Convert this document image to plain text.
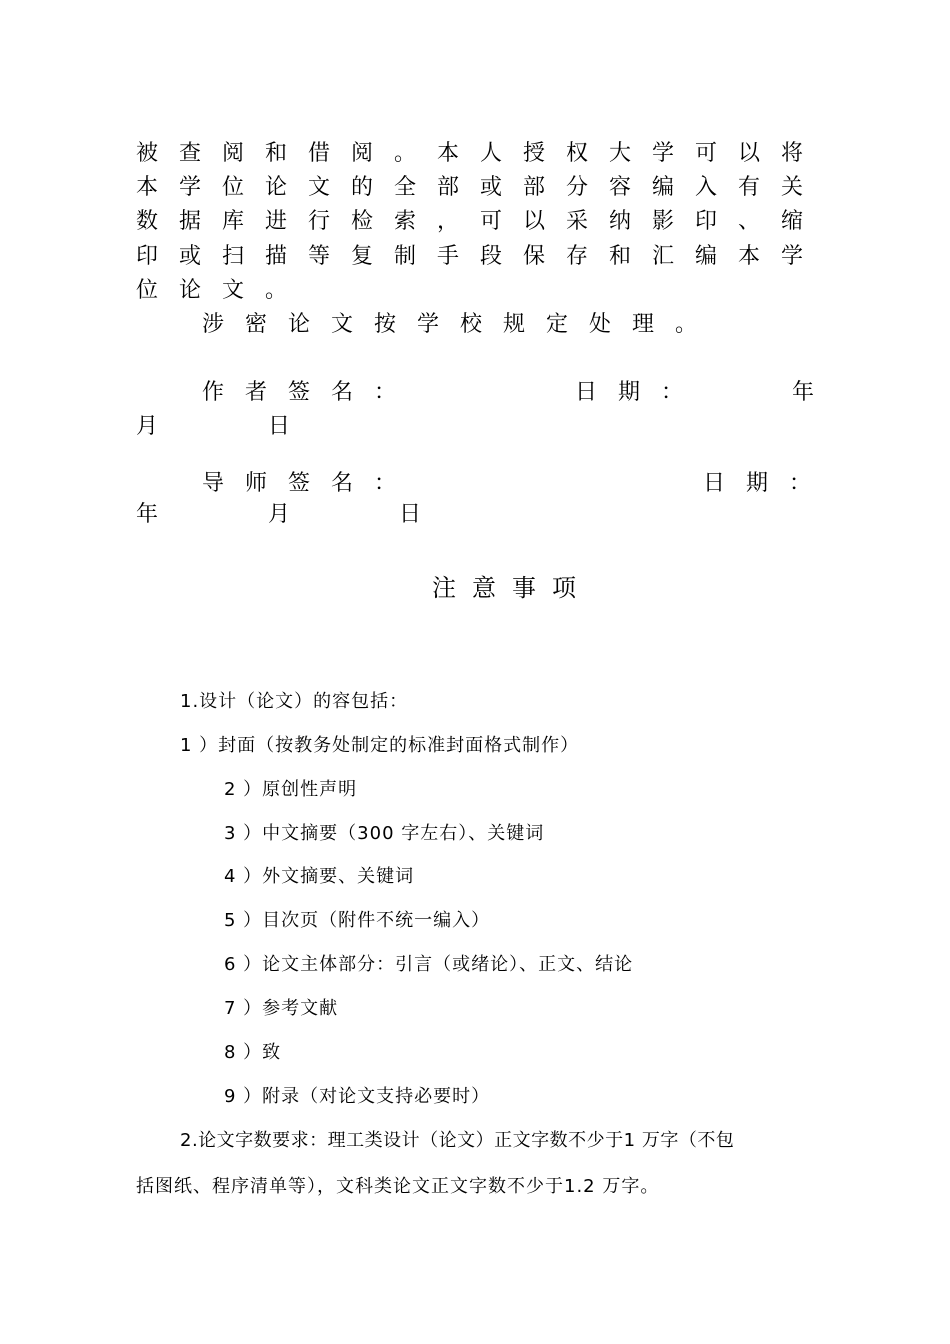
被查阅和借阅。本人授权大学可以将
本学位论文的全部或部分容编入有关
数据库进行检索，可以采纳影印、缩
印或扫描等复制手段保存和汇编本学
位论文。
涉密论文按学校规定处理。
作者签名：	日期：	年
月	日
导师签名：	日期：
年	月	日
注意事项
1.设计（论文）的容包括：
1 ）封面（按教务处制定的标准封面格式制作）
2 ）原创性声明
3 ）中文摘要（300 字左右）、关键词
4 ）外文摘要、关键词
5 ）目次页（附件不统一编入）
6 ）论文主体部分：引言（或绪论）、正文、结论
7 ）参考文献
8 ）致
9 ）附录（对论文支持必要时）
2.论文字数要求：理工类设计（论文）正文字数不少于1 万字（不包
括图纸、程序清单等），文科类论文正文字数不少于1.2 万字。
